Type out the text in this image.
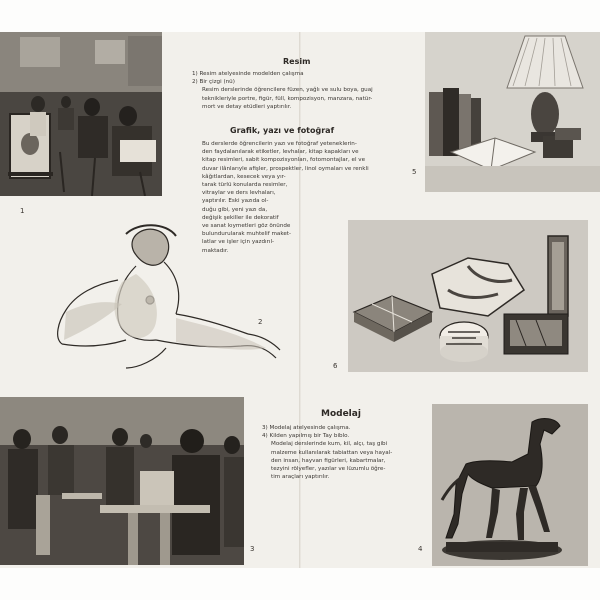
1
2
3
5
6
4
Resim
1) Resim atelyesinde modelden çalışma
2) Bir çizgi (nü)
Resim derslerinde öğrencilere füzen, yağlı ve sulu boya, guaj
teknikleriyle portre, figür, füll, kompozisyon, manzara, natür-
mort ve detay etüdleri yaptırılır.
Grafik, yazı ve fotoğraf
Bu derslerde öğrencilerin yazı ve fotoğraf yeteneklerin-
den faydalanılarak etiketler, levhalar, kitap kapakları ve
kitap resimleri, sabit kompozisyonları, fotomontajlar, el ve
duvar ilânlarıyle afişler, prospektler, linol oymaları ve renkli
kâğıtlardan, kesecek veya yır-
tarak türlü konularda resimler,
vitraylar ve ders levhaları,
yaptırılır. Eski yazıda ol-
duğu gibi, yeni yazı da,
değişik şekiller ile dekoratif
ve sanat kıymetleri göz önünde
bulundurularak muhtelif maket-
latlar ve işler için yazdırıl-
maktadır.
Modelaj
3) Modelaj atelyesinde çalışma.
4) Kilden yapılmış bir Tay biblo.
Modelaj derslerinde kum, kil, alçı, taş gibi
malzeme kullanılarak tabiattan veya hayal-
den insan, hayvan figürleri, kabartmalar,
tezyini rölyefler, yazılar ve lüzumlu öğre-
tim araçları yaptırılır.
